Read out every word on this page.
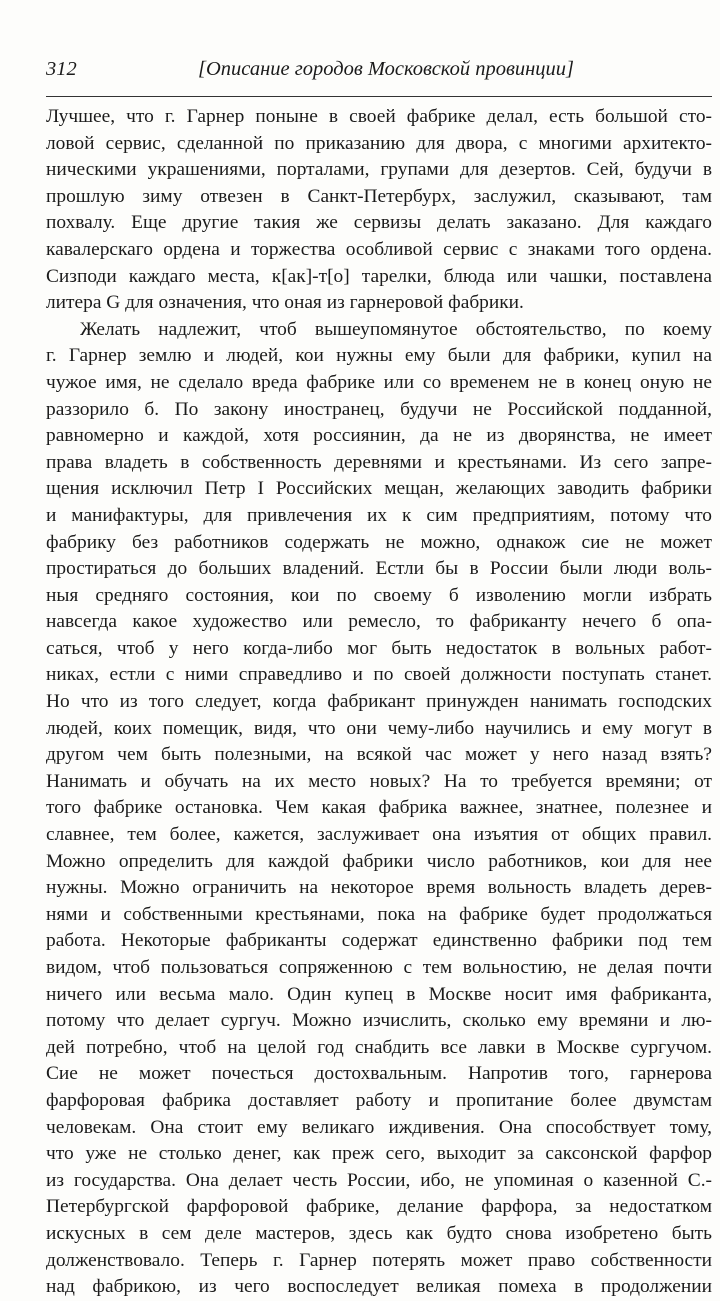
312	[Описание городов Московской провинции]
Лучшее, что г. Гарнер поныне в своей фабрике делал, есть большой сто-
ловой сервис, сделанной по приказанию для двора, с многими архитекто-
ническими украшениями, порталами, групами для дезертов. Сей, будучи в
прошлую зиму отвезен в Санкт-Петербурх, заслужил, сказывают, там
похвалу. Еще другие такия же сервизы делать заказано. Для каждаго
кавалерскаго ордена и торжества особливой сервис с знаками того ордена.
Сизподи каждаго места, к[ак]-т[о] тарелки, блюда или чашки, поставлена
литера G для означения, что оная из гарнеровой фабрики.
Желать надлежит, чтоб вышеупомянутое обстоятельство, по коему
г. Гарнер землю и людей, кои нужны ему были для фабрики, купил на
чужое имя, не сделало вреда фабрике или со временем не в конец оную не
раззорило б. По закону иностранец, будучи не Российской подданной,
равномерно и каждой, хотя россиянин, да не из дворянства, не имеет
права владеть в собственность деревнями и крестьянами. Из сего запре-
щения исключил Петр I Российских мещан, желающих заводить фабрики
и манифактуры, для привлечения их к сим предприятиям, потому что
фабрику без работников содержать не можно, однакож сие не может
простираться до больших владений. Естли бы в России были люди воль-
ныя средняго состояния, кои по своему б изволению могли избрать
навсегда какое художество или ремесло, то фабриканту нечего б опа-
саться, чтоб у него когда-либо мог быть недостаток в вольных работ-
никах, естли с ними справедливо и по своей должности поступать станет.
Но что из того следует, когда фабрикант принужден нанимать господских
людей, коих помещик, видя, что они чему-либо научились и ему могут в
другом чем быть полезными, на всякой час может у него назад взять?
Нанимать и обучать на их место новых? На то требуется времяни; от
того фабрике остановка. Чем какая фабрика важнее, знатнее, полезнее и
славнее, тем более, кажется, заслуживает она изъятия от общих правил.
Можно определить для каждой фабрики число работников, кои для нее
нужны. Можно ограничить на некоторое время вольность владеть дерев-
нями и собственными крестьянами, пока на фабрике будет продолжаться
работа. Некоторые фабриканты содержат единственно фабрики под тем
видом, чтоб пользоваться сопряженною с тем вольностию, не делая почти
ничего или весьма мало. Один купец в Москве носит имя фабриканта,
потому что делает сургуч. Можно изчислить, сколько ему времяни и лю-
дей потребно, чтоб на целой год снабдить все лавки в Москве сургучом.
Сие не может почесться достохвальным. Напротив того, гарнерова
фарфоровая фабрика доставляет работу и пропитание более двумстам
человекам. Она стоит ему великаго иждивения. Она способствует тому,
что уже не столько денег, как преж сего, выходит за саксонской фарфор
из государства. Она делает честь России, ибо, не упоминая о казенной С.-
Петербургской фарфоровой фабрике, делание фарфора, за недостатком
искусных в сем деле мастеров, здесь как будто снова изобретено быть
долженствовало. Теперь г. Гарнер потерять может право собственности
над фабрикою, из чего воспоследует великая помеха в продолжении
